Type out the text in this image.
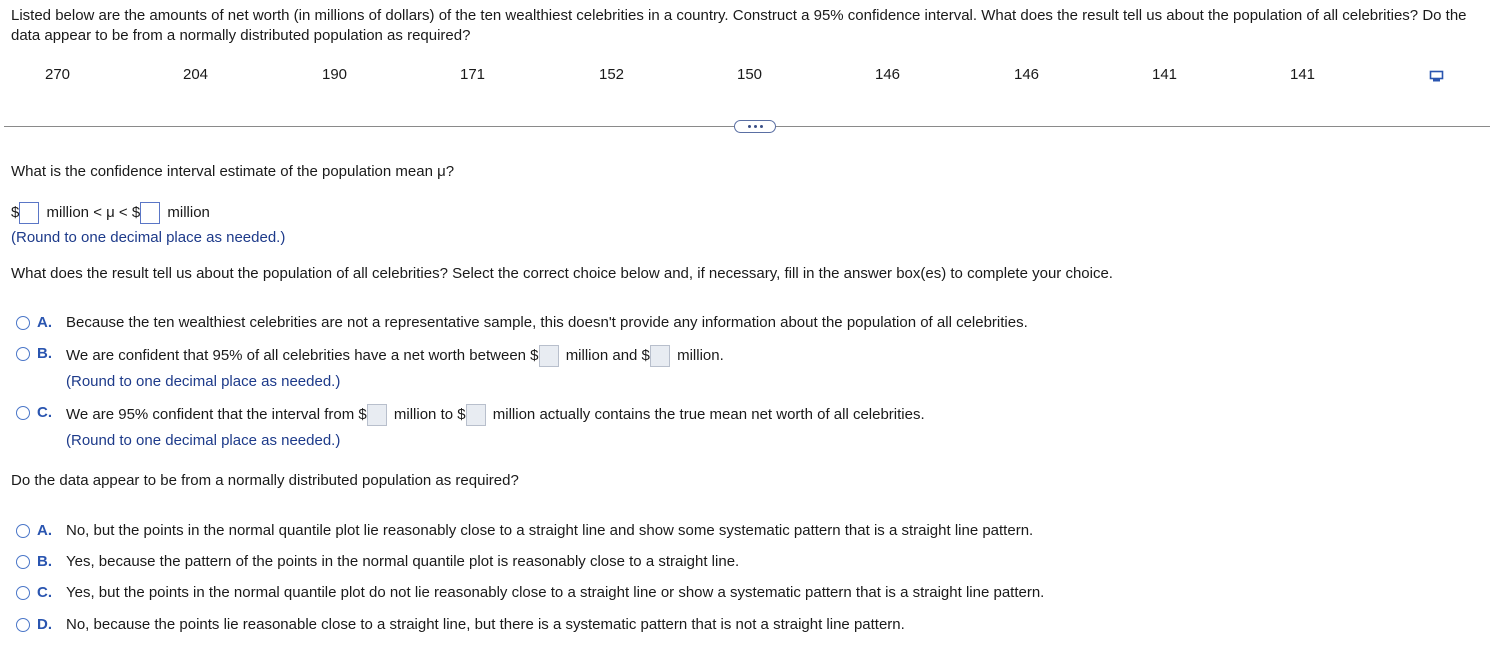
Listed below are the amounts of net worth (in millions of dollars) of the ten wealthiest celebrities in a country. Construct a 95% confidence interval. What does the result tell us about the population of all celebrities? Do the data appear to be from a normally distributed population as required?
270	204	190	171	152	150	146	146	141	141
What is the confidence interval estimate of the population mean μ?
$ million < μ < $ million
(Round to one decimal place as needed.)
What does the result tell us about the population of all celebrities? Select the correct choice below and, if necessary, fill in the answer box(es) to complete your choice.
A. Because the ten wealthiest celebrities are not a representative sample, this doesn't provide any information about the population of all celebrities.
B. We are confident that 95% of all celebrities have a net worth between $ million and $ million.
(Round to one decimal place as needed.)
C. We are 95% confident that the interval from $ million to $ million actually contains the true mean net worth of all celebrities.
(Round to one decimal place as needed.)
Do the data appear to be from a normally distributed population as required?
A. No, but the points in the normal quantile plot lie reasonably close to a straight line and show some systematic pattern that is a straight line pattern.
B. Yes, because the pattern of the points in the normal quantile plot is reasonably close to a straight line.
C. Yes, but the points in the normal quantile plot do not lie reasonably close to a straight line or show a systematic pattern that is a straight line pattern.
D. No, because the points lie reasonable close to a straight line, but there is a systematic pattern that is not a straight line pattern.
